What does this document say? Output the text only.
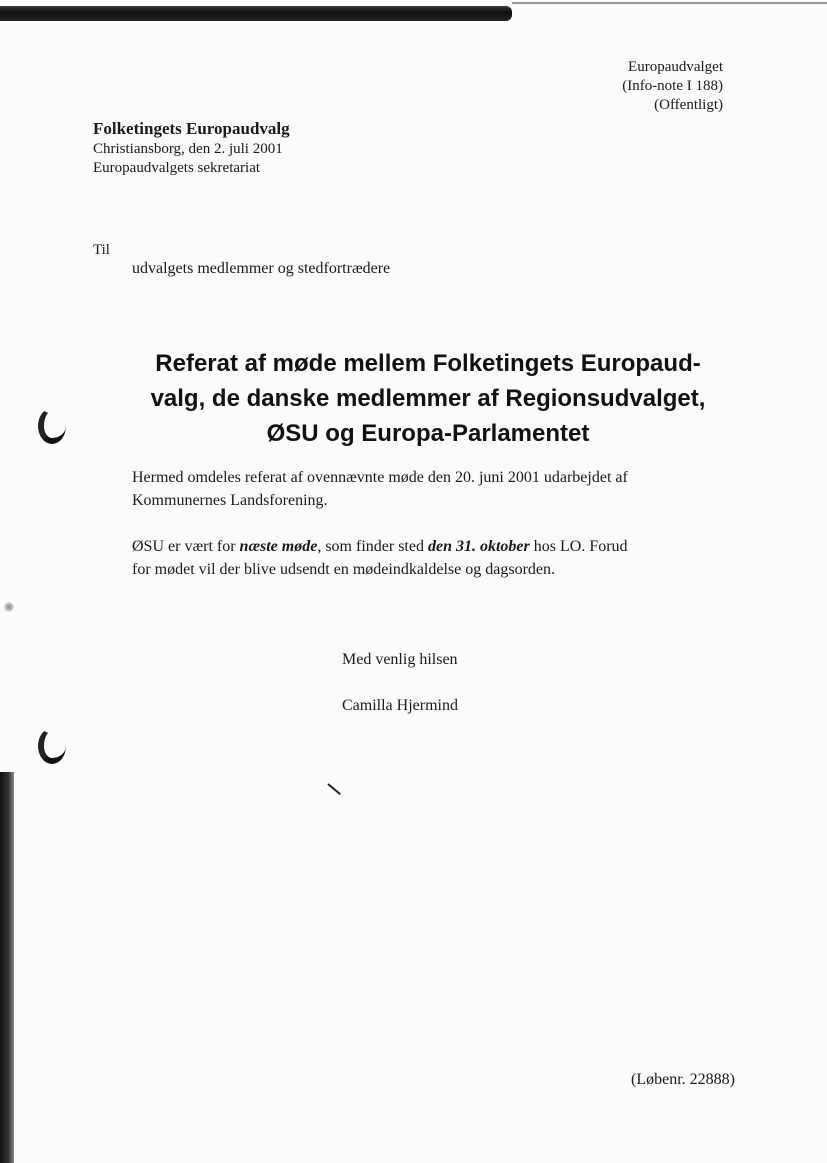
Europaudvalget
(Info-note I 188)
(Offentligt)
Folketingets Europaudvalg
Christiansborg, den 2. juli 2001
Europaudvalgets sekretariat
Til
udvalgets medlemmer og stedfortrædere
Referat af møde mellem Folketingets Europaud-
valg, de danske medlemmer af Regionsudvalget,
ØSU og Europa-Parlamentet
Hermed omdeles referat af ovennævnte møde den 20. juni 2001 udarbejdet af
Kommunernes Landsforening.
ØSU er vært for næste møde, som finder sted den 31. oktober hos LO. Forud
for mødet vil der blive udsendt en mødeindkaldelse og dagsorden.
Med venlig hilsen
Camilla Hjermind
(Løbenr. 22888)
